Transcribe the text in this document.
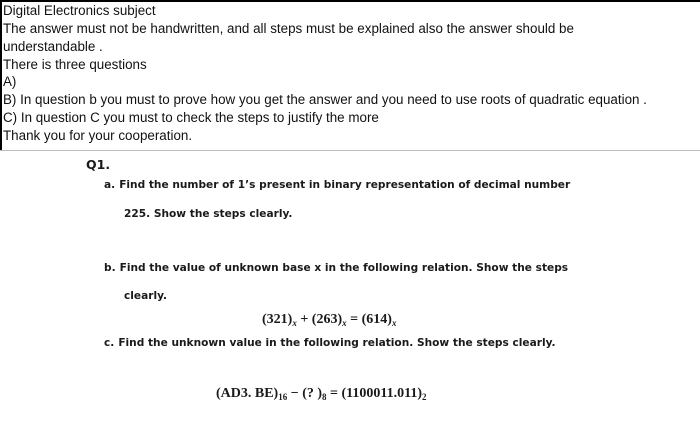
Digital Electronics subject
The answer must not be handwritten, and all steps must be explained also the answer should be
understandable .
There is three questions
A)
B) In question b you must to prove how you get the answer and you need to use roots of quadratic equation .
C) In question C you must to check the steps to justify the more
Thank you for your cooperation.
Q1.
a. Find the number of 1’s present in binary representation of decimal number
225. Show the steps clearly.
b. Find the value of unknown base x in the following relation. Show the steps
clearly.
$(321)_x + (263)_x = (614)_x$
c. Find the unknown value in the following relation. Show the steps clearly.
(AD3. $BE)_{16}$ − (? )$_8 = (1100011.011)_2$
